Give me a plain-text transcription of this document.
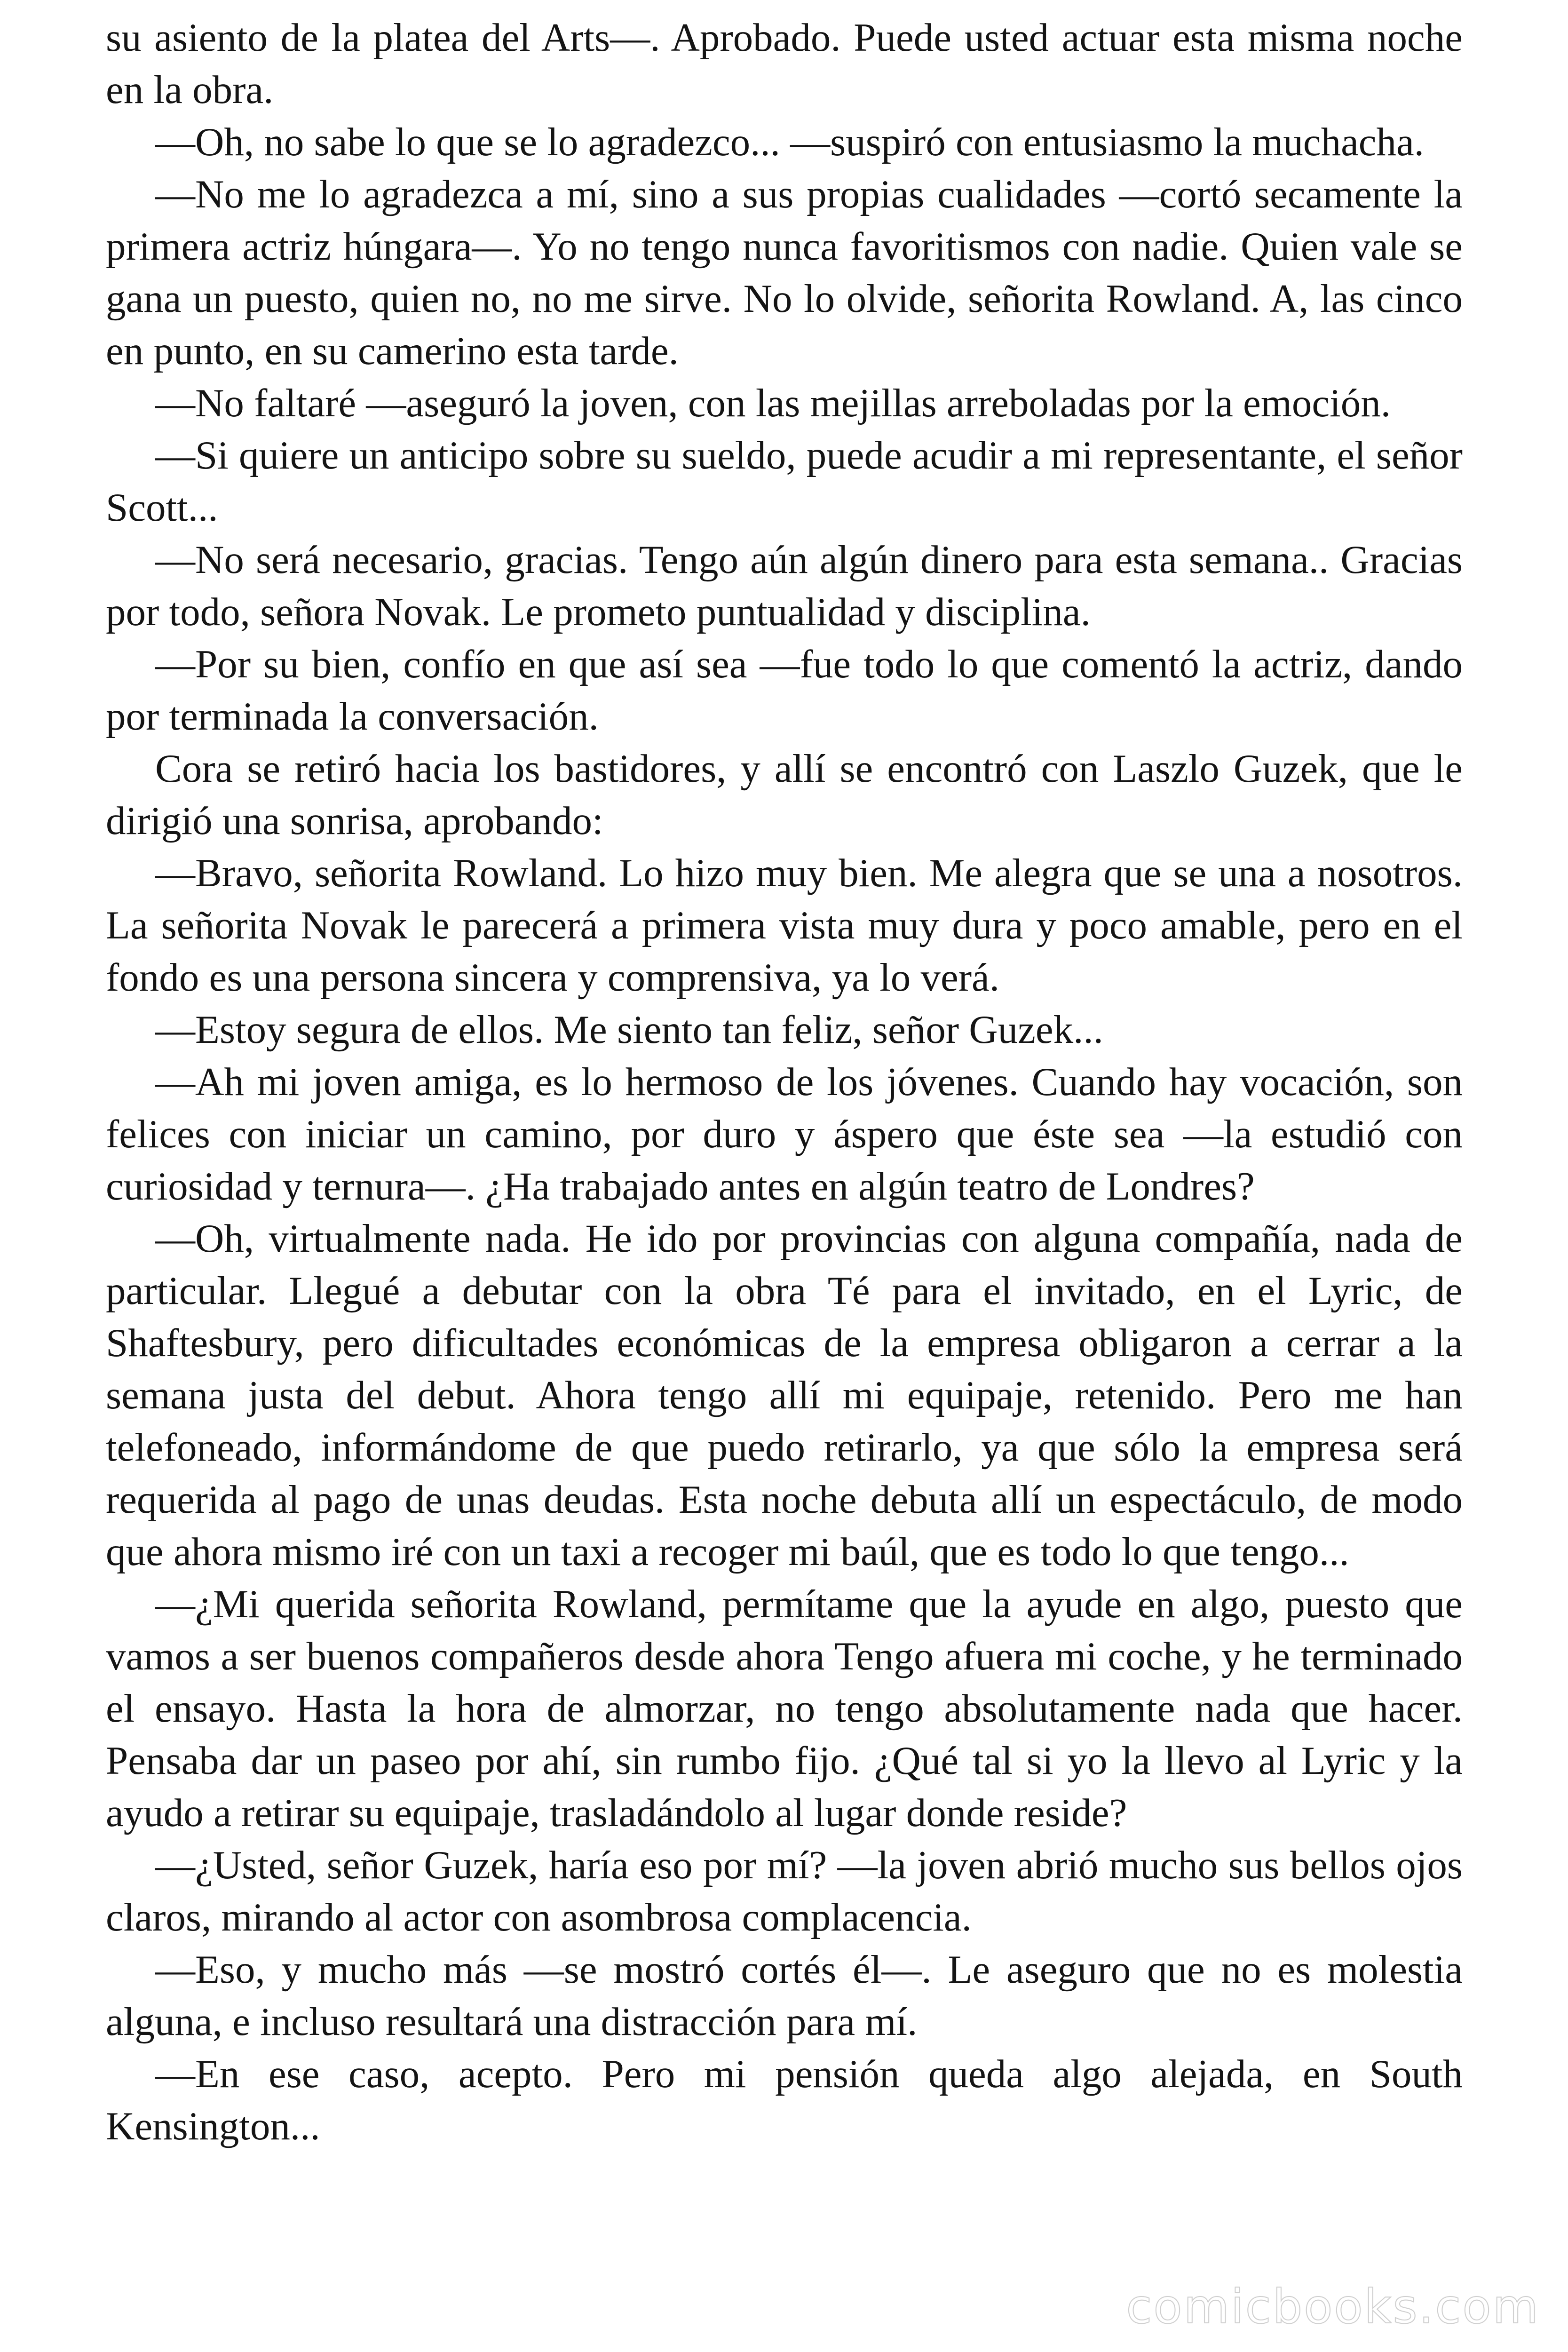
su asiento de la platea del Arts—. Aprobado. Puede usted actuar esta misma noche en la obra.

—Oh, no sabe lo que se lo agradezco... —suspiró con entusiasmo la muchacha.

—No me lo agradezca a mí, sino a sus propias cualidades —cortó secamente la primera actriz húngara—. Yo no tengo nunca favoritismos con nadie. Quien vale se gana un puesto, quien no, no me sirve. No lo olvide, señorita Rowland. A, las cinco en punto, en su camerino esta tarde.

—No faltaré —aseguró la joven, con las mejillas arreboladas por la emoción.

—Si quiere un anticipo sobre su sueldo, puede acudir a mi representante, el señor Scott...

—No será necesario, gracias. Tengo aún algún dinero para esta semana.. Gracias por todo, señora Novak. Le prometo puntualidad y disciplina.

—Por su bien, confío en que así sea —fue todo lo que comentó la actriz, dando por terminada la conversación.

Cora se retiró hacia los bastidores, y allí se encontró con Laszlo Guzek, que le dirigió una sonrisa, aprobando:

—Bravo, señorita Rowland. Lo hizo muy bien. Me alegra que se una a nosotros. La señorita Novak le parecerá a primera vista muy dura y poco amable, pero en el fondo es una persona sincera y comprensiva, ya lo verá.

—Estoy segura de ellos. Me siento tan feliz, señor Guzek...

—Ah mi joven amiga, es lo hermoso de los jóvenes. Cuando hay vocación, son felices con iniciar un camino, por duro y áspero que éste sea —la estudió con curiosidad y ternura—. ¿Ha trabajado antes en algún teatro de Londres?

—Oh, virtualmente nada. He ido por provincias con alguna compañía, nada de particular. Llegué a debutar con la obra Té para el invitado, en el Lyric, de Shaftesbury, pero dificultades económicas de la empresa obligaron a cerrar a la semana justa del debut. Ahora tengo allí mi equipaje, retenido. Pero me han telefoneado, informándome de que puedo retirarlo, ya que sólo la empresa será requerida al pago de unas deudas. Esta noche debuta allí un espectáculo, de modo que ahora mismo iré con un taxi a recoger mi baúl, que es todo lo que tengo...

—¿Mi querida señorita Rowland, permítame que la ayude en algo, puesto que vamos a ser buenos compañeros desde ahora Tengo afuera mi coche, y he terminado el ensayo. Hasta la hora de almorzar, no tengo absolutamente nada que hacer. Pensaba dar un paseo por ahí, sin rumbo fijo. ¿Qué tal si yo la llevo al Lyric y la ayudo a retirar su equipaje, trasladándolo al lugar donde reside?

—¿Usted, señor Guzek, haría eso por mí? —la joven abrió mucho sus bellos ojos claros, mirando al actor con asombrosa complacencia.

—Eso, y mucho más —se mostró cortés él—. Le aseguro que no es molestia alguna, e incluso resultará una distracción para mí.

—En ese caso, acepto. Pero mi pensión queda algo alejada, en South Kensington...

comicbooks.com
